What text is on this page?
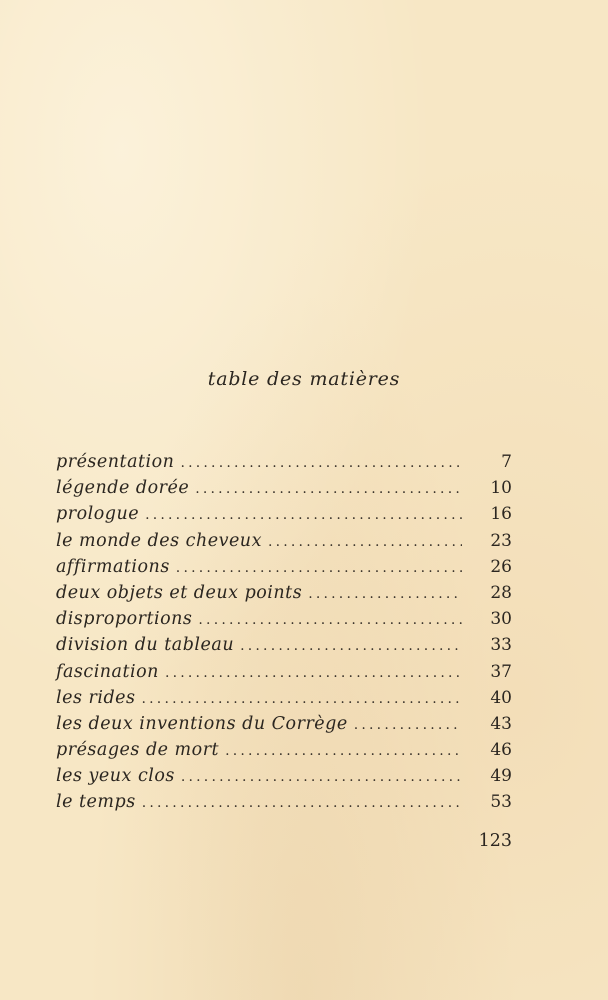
table des matières
présentation .....	7
légende dorée .....	10
prologue .....	16
le monde des cheveux .....	23
affirmations .....	26
deux objets et deux points .....	28
disproportions .....	30
division du tableau .....	33
fascination .....	37
les rides .....	40
les deux inventions du Corrège .....	43
présages de mort .....	46
les yeux clos .....	49
le temps .....	53

123
